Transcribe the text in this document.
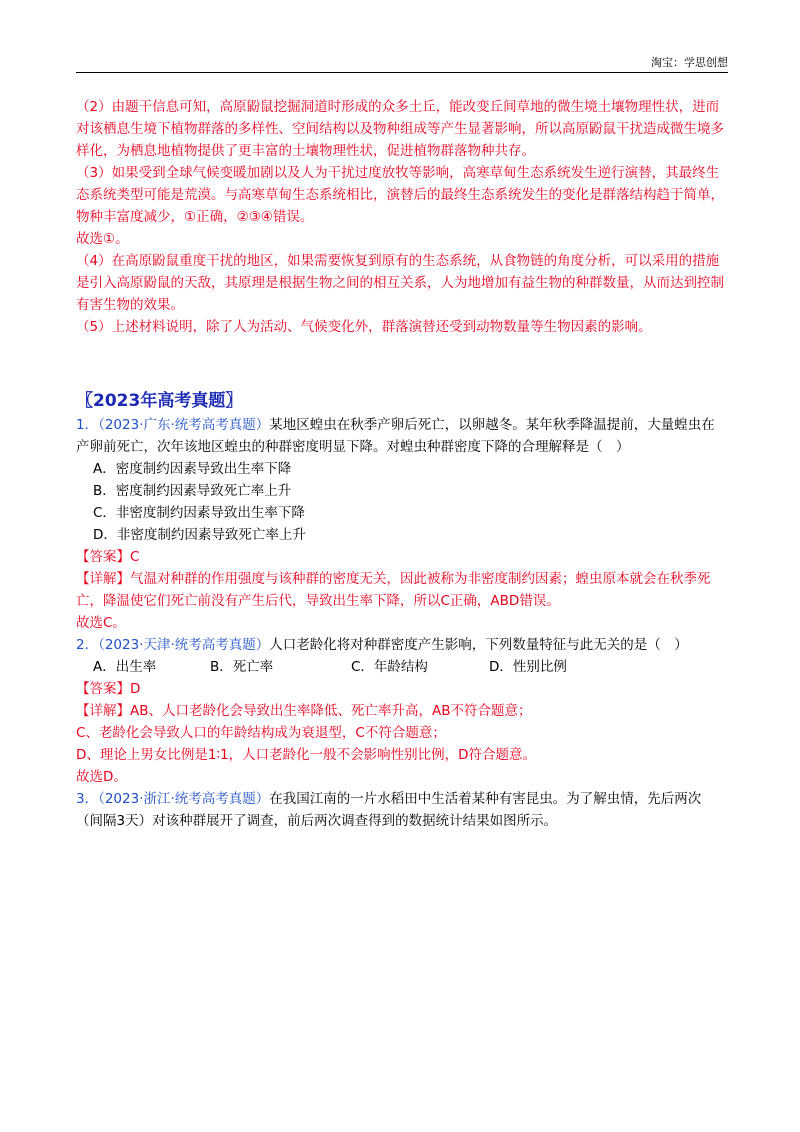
淘宝：学思创想

（2）由题干信息可知，高原鼢鼠挖掘洞道时形成的众多土丘，能改变丘间草地的微生境土壤物理性状，进而对该栖息生境下植物群落的多样性、空间结构以及物种组成等产生显著影响，所以高原鼢鼠干扰造成微生境多样化，为栖息地植物提供了更丰富的土壤物理性状，促进植物群落物种共存。

（3）如果受到全球气候变暖加剧以及人为干扰过度放牧等影响，高寒草甸生态系统发生逆行演替，其最终生态系统类型可能是荒漠。与高寒草甸生态系统相比，演替后的最终生态系统发生的变化是群落结构趋于简单，物种丰富度减少，①正确，②③④错误。

故选①。

（4）在高原鼢鼠重度干扰的地区，如果需要恢复到原有的生态系统，从食物链的角度分析，可以采用的措施是引入高原鼢鼠的天敌，其原理是根据生物之间的相互关系，人为地增加有益生物的种群数量，从而达到控制有害生物的效果。

（5）上述材料说明，除了人为活动、气候变化外，群落演替还受到动物数量等生物因素的影响。

〖2023年高考真题〗

1．（2023·广东·统考高考真题）某地区蝗虫在秋季产卵后死亡，以卵越冬。某年秋季降温提前，大量蝗虫在产卵前死亡，次年该地区蝗虫的种群密度明显下降。对蝗虫种群密度下降的合理解释是（　）

A．密度制约因素导致出生率下降

B．密度制约因素导致死亡率上升

C．非密度制约因素导致出生率下降

D．非密度制约因素导致死亡率上升

【答案】C

【详解】气温对种群的作用强度与该种群的密度无关，因此被称为非密度制约因素；蝗虫原本就会在秋季死亡，降温使它们死亡前没有产生后代，导致出生率下降，所以C正确，ABD错误。

故选C。

2．（2023·天津·统考高考真题）人口老龄化将对种群密度产生影响，下列数量特征与此无关的是（　）

A．出生率	B．死亡率	C．年龄结构	D．性别比例

【答案】D

【详解】AB、人口老龄化会导致出生率降低、死亡率升高，AB不符合题意；

C、老龄化会导致人口的年龄结构成为衰退型，C不符合题意；

D、理论上男女比例是1∶1，人口老龄化一般不会影响性别比例，D符合题意。

故选D。

3．（2023·浙江·统考高考真题）在我国江南的一片水稻田中生活着某种有害昆虫。为了解虫情，先后两次（间隔3天）对该种群展开了调查，前后两次调查得到的数据统计结果如图所示。
